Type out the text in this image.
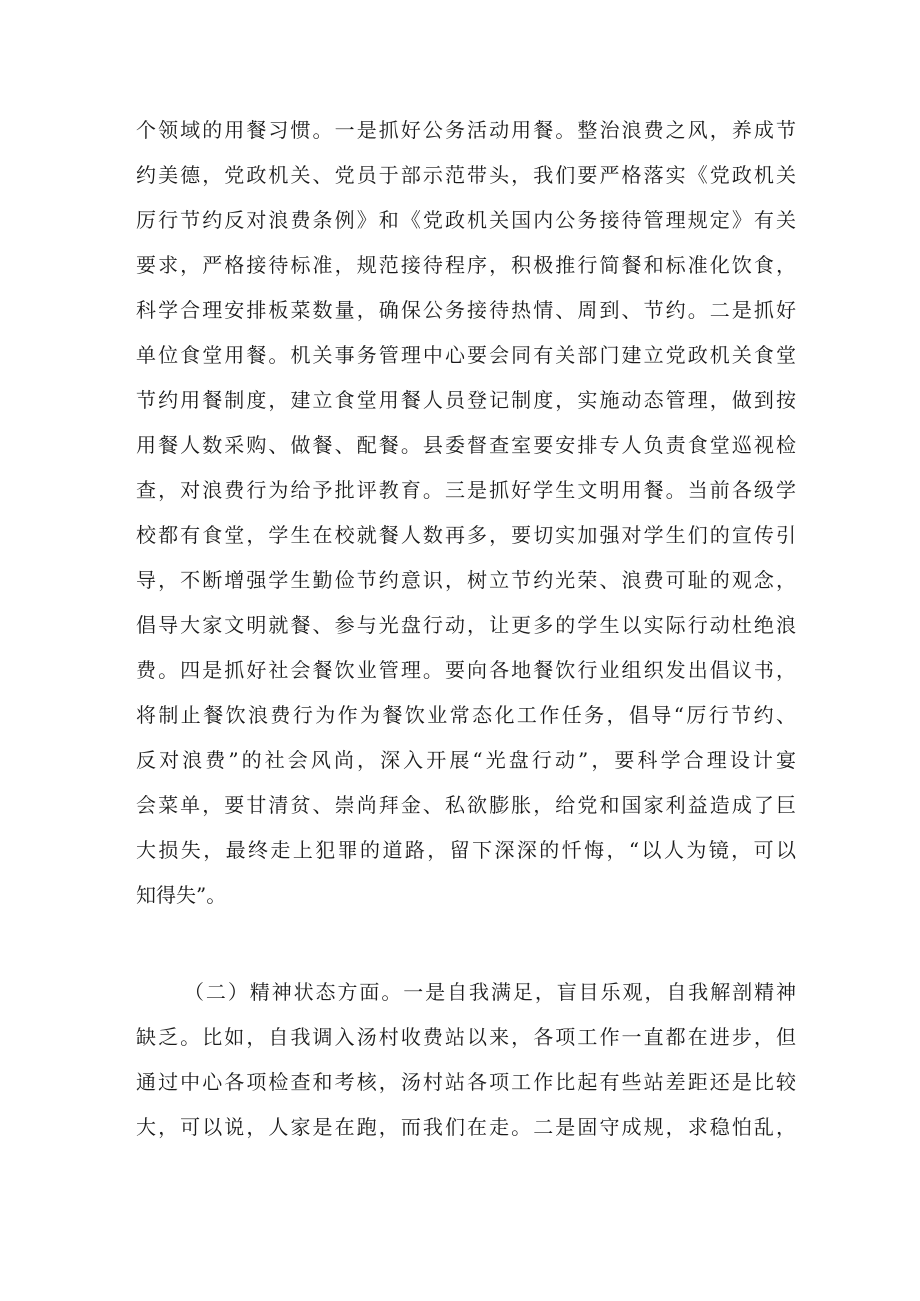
个领域的用餐习惯。一是抓好公务活动用餐。整治浪费之风，养成节
约美德，党政机关、党员于部示范带头，我们要严格落实《党政机关
厉行节约反对浪费条例》和《党政机关国内公务接待管理规定》有关
要求，严格接待标准，规范接待程序，积极推行简餐和标准化饮食，
科学合理安排板菜数量，确保公务接待热情、周到、节约。二是抓好
单位食堂用餐。机关事务管理中心要会同有关部门建立党政机关食堂
节约用餐制度，建立食堂用餐人员登记制度，实施动态管理，做到按
用餐人数采购、做餐、配餐。县委督查室要安排专人负责食堂巡视检
查，对浪费行为给予批评教育。三是抓好学生文明用餐。当前各级学
校都有食堂，学生在校就餐人数再多，要切实加强对学生们的宣传引
导，不断增强学生勤俭节约意识，树立节约光荣、浪费可耻的观念，
倡导大家文明就餐、参与光盘行动，让更多的学生以实际行动杜绝浪
费。四是抓好社会餐饮业管理。要向各地餐饮行业组织发出倡议书，
将制止餐饮浪费行为作为餐饮业常态化工作任务，倡导“厉行节约、
反对浪费”的社会风尚，深入开展“光盘行动”，要科学合理设计宴
会菜单，要甘清贫、崇尚拜金、私欲膨胀，给党和国家利益造成了巨
大损失，最终走上犯罪的道路，留下深深的忏悔，“以人为镜，可以
知得失”。
（二）精神状态方面。一是自我满足，盲目乐观，自我解剖精神
缺乏。比如，自我调入汤村收费站以来，各项工作一直都在进步，但
通过中心各项检查和考核，汤村站各项工作比起有些站差距还是比较
大，可以说，人家是在跑，而我们在走。二是固守成规，求稳怕乱，
